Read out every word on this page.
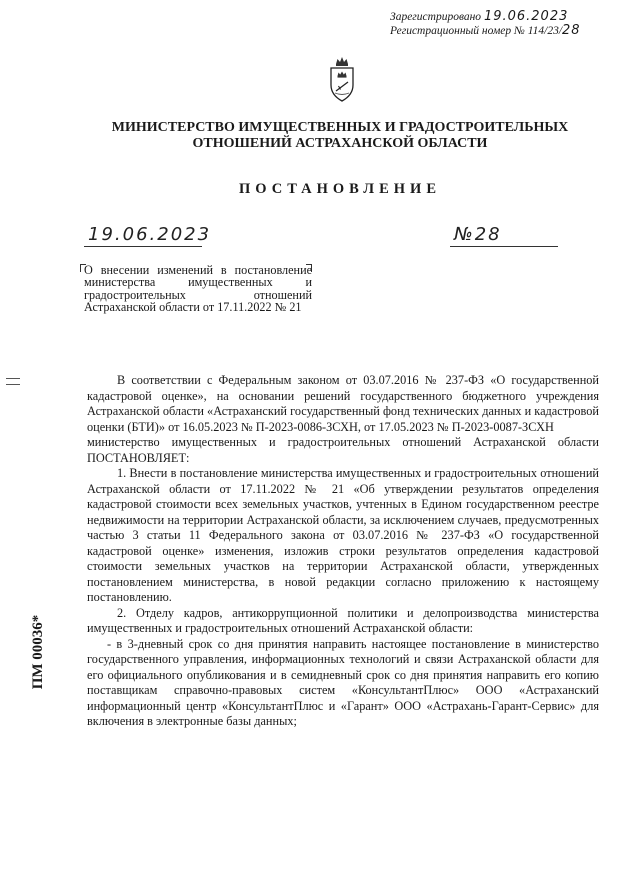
Зарегистрировано 19.06.2023
Регистрационный номер № 114/23/28
МИНИСТЕРСТВО ИМУЩЕСТВЕННЫХ И ГРАДОСТРОИТЕЛЬНЫХ
ОТНОШЕНИЙ АСТРАХАНСКОЙ ОБЛАСТИ
ПОСТАНОВЛЕНИЕ
19.06.2023	№28
О внесении изменений в постановление министерства имущественных и градостроительных отношений Астраханской области от 17.11.2022 № 21

В соответствии с Федеральным законом от 03.07.2016 № 237-ФЗ «О государственной кадастровой оценке», на основании решений государственного бюджетного учреждения Астраханской области «Астраханский государственный фонд технических данных и кадастровой оценки (БТИ)» от 16.05.2023 № П-2023-0086-ЗСХН, от 17.05.2023 № П-2023-0087-ЗСХН

министерство имущественных и градостроительных отношений Астраханской области ПОСТАНОВЛЯЕТ:

1. Внести в постановление министерства имущественных и градостроительных отношений Астраханской области от 17.11.2022 № 21 «Об утверждении результатов определения кадастровой стоимости всех земельных участков, учтенных в Едином государственном реестре недвижимости на территории Астраханской области, за исключением случаев, предусмотренных частью 3 статьи 11 Федерального закона от 03.07.2016 № 237-ФЗ «О государственной кадастровой оценке» изменения, изложив строки результатов определения кадастровой стоимости земельных участков на территории Астраханской области, утвержденных постановлением министерства, в новой редакции согласно приложению к настоящему постановлению.

2. Отделу кадров, антикоррупционной политики и делопроизводства министерства имущественных и градостроительных отношений Астраханской области:

- в 3-дневный срок со дня принятия направить настоящее постановление в министерство государственного управления, информационных технологий и связи Астраханской области для его официального опубликования и в семидневный срок со дня принятия направить его копию поставщикам справочно-правовых систем «КонсультантПлюс» ООО «Астраханский информационный центр «КонсультантПлюс и «Гарант» ООО «Астрахань-Гарант-Сервис» для включения в электронные базы данных;

ПМ 00036*
